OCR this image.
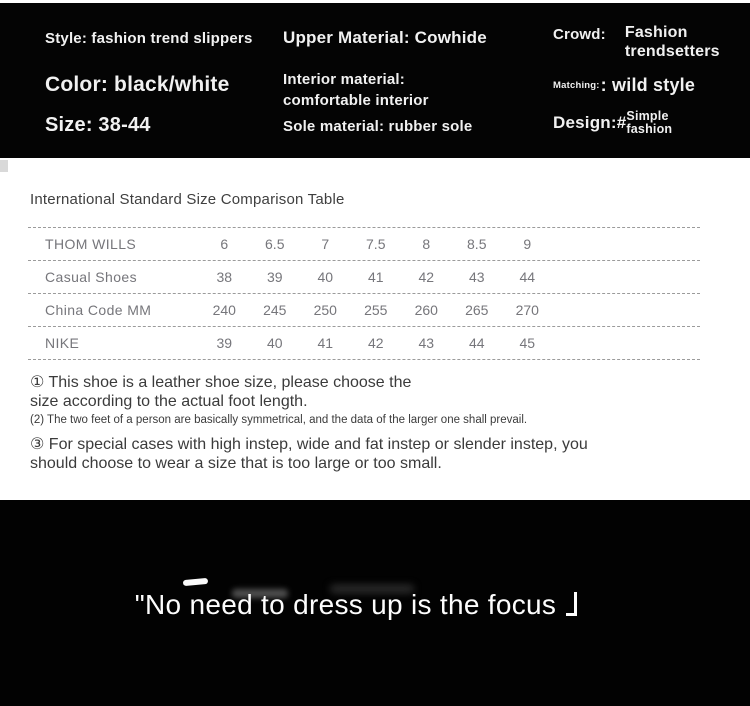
Style: fashion trend slippers
Color: black/white
Size: 38-44
Upper Material: Cowhide
Interior material:
comfortable interior
Sole material: rubber sole
Crowd: Fashion trendsetters
Matching: : wild style
Design:# Simple
fashion
International Standard Size Comparison Table
THOM WILLS	6	6.5	7	7.5	8	8.5	9
Casual Shoes	38	39	40	41	42	43	44
China Code MM	240	245	250	255	260	265	270
NIKE	39	40	41	42	43	44	45
① This shoe is a leather shoe size, please choose the
size according to the actual foot length.
(2) The two feet of a person are basically symmetrical, and the data of the larger one shall prevail.
③ For special cases with high instep, wide and fat instep or slender instep, you
should choose to wear a size that is too large or too small.
"No need to dress up is the focus
